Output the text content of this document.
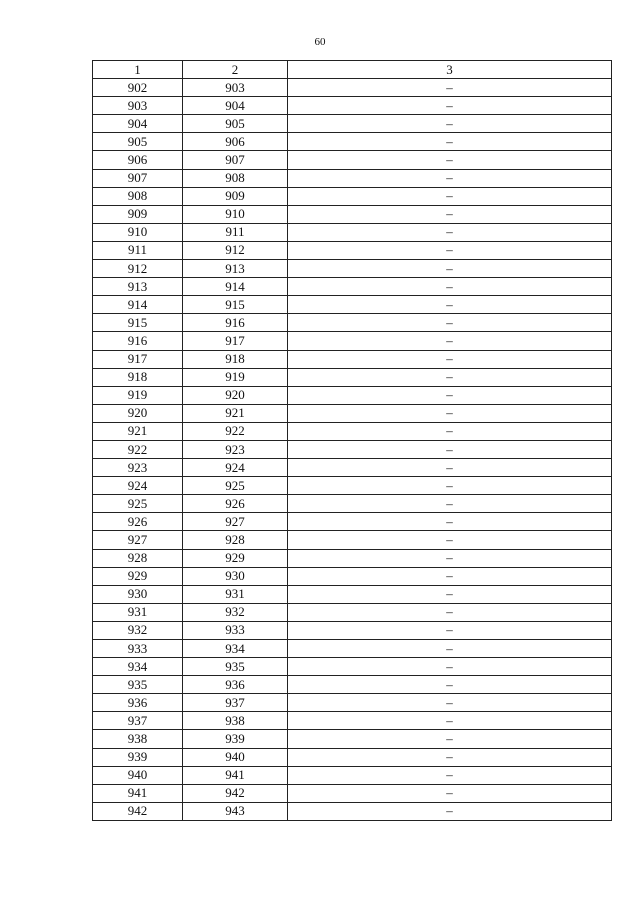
60
1	2	3
902	903	–
903	904	–
904	905	–
905	906	–
906	907	–
907	908	–
908	909	–
909	910	–
910	911	–
911	912	–
912	913	–
913	914	–
914	915	–
915	916	–
916	917	–
917	918	–
918	919	–
919	920	–
920	921	–
921	922	–
922	923	–
923	924	–
924	925	–
925	926	–
926	927	–
927	928	–
928	929	–
929	930	–
930	931	–
931	932	–
932	933	–
933	934	–
934	935	–
935	936	–
936	937	–
937	938	–
938	939	–
939	940	–
940	941	–
941	942	–
942	943	–
